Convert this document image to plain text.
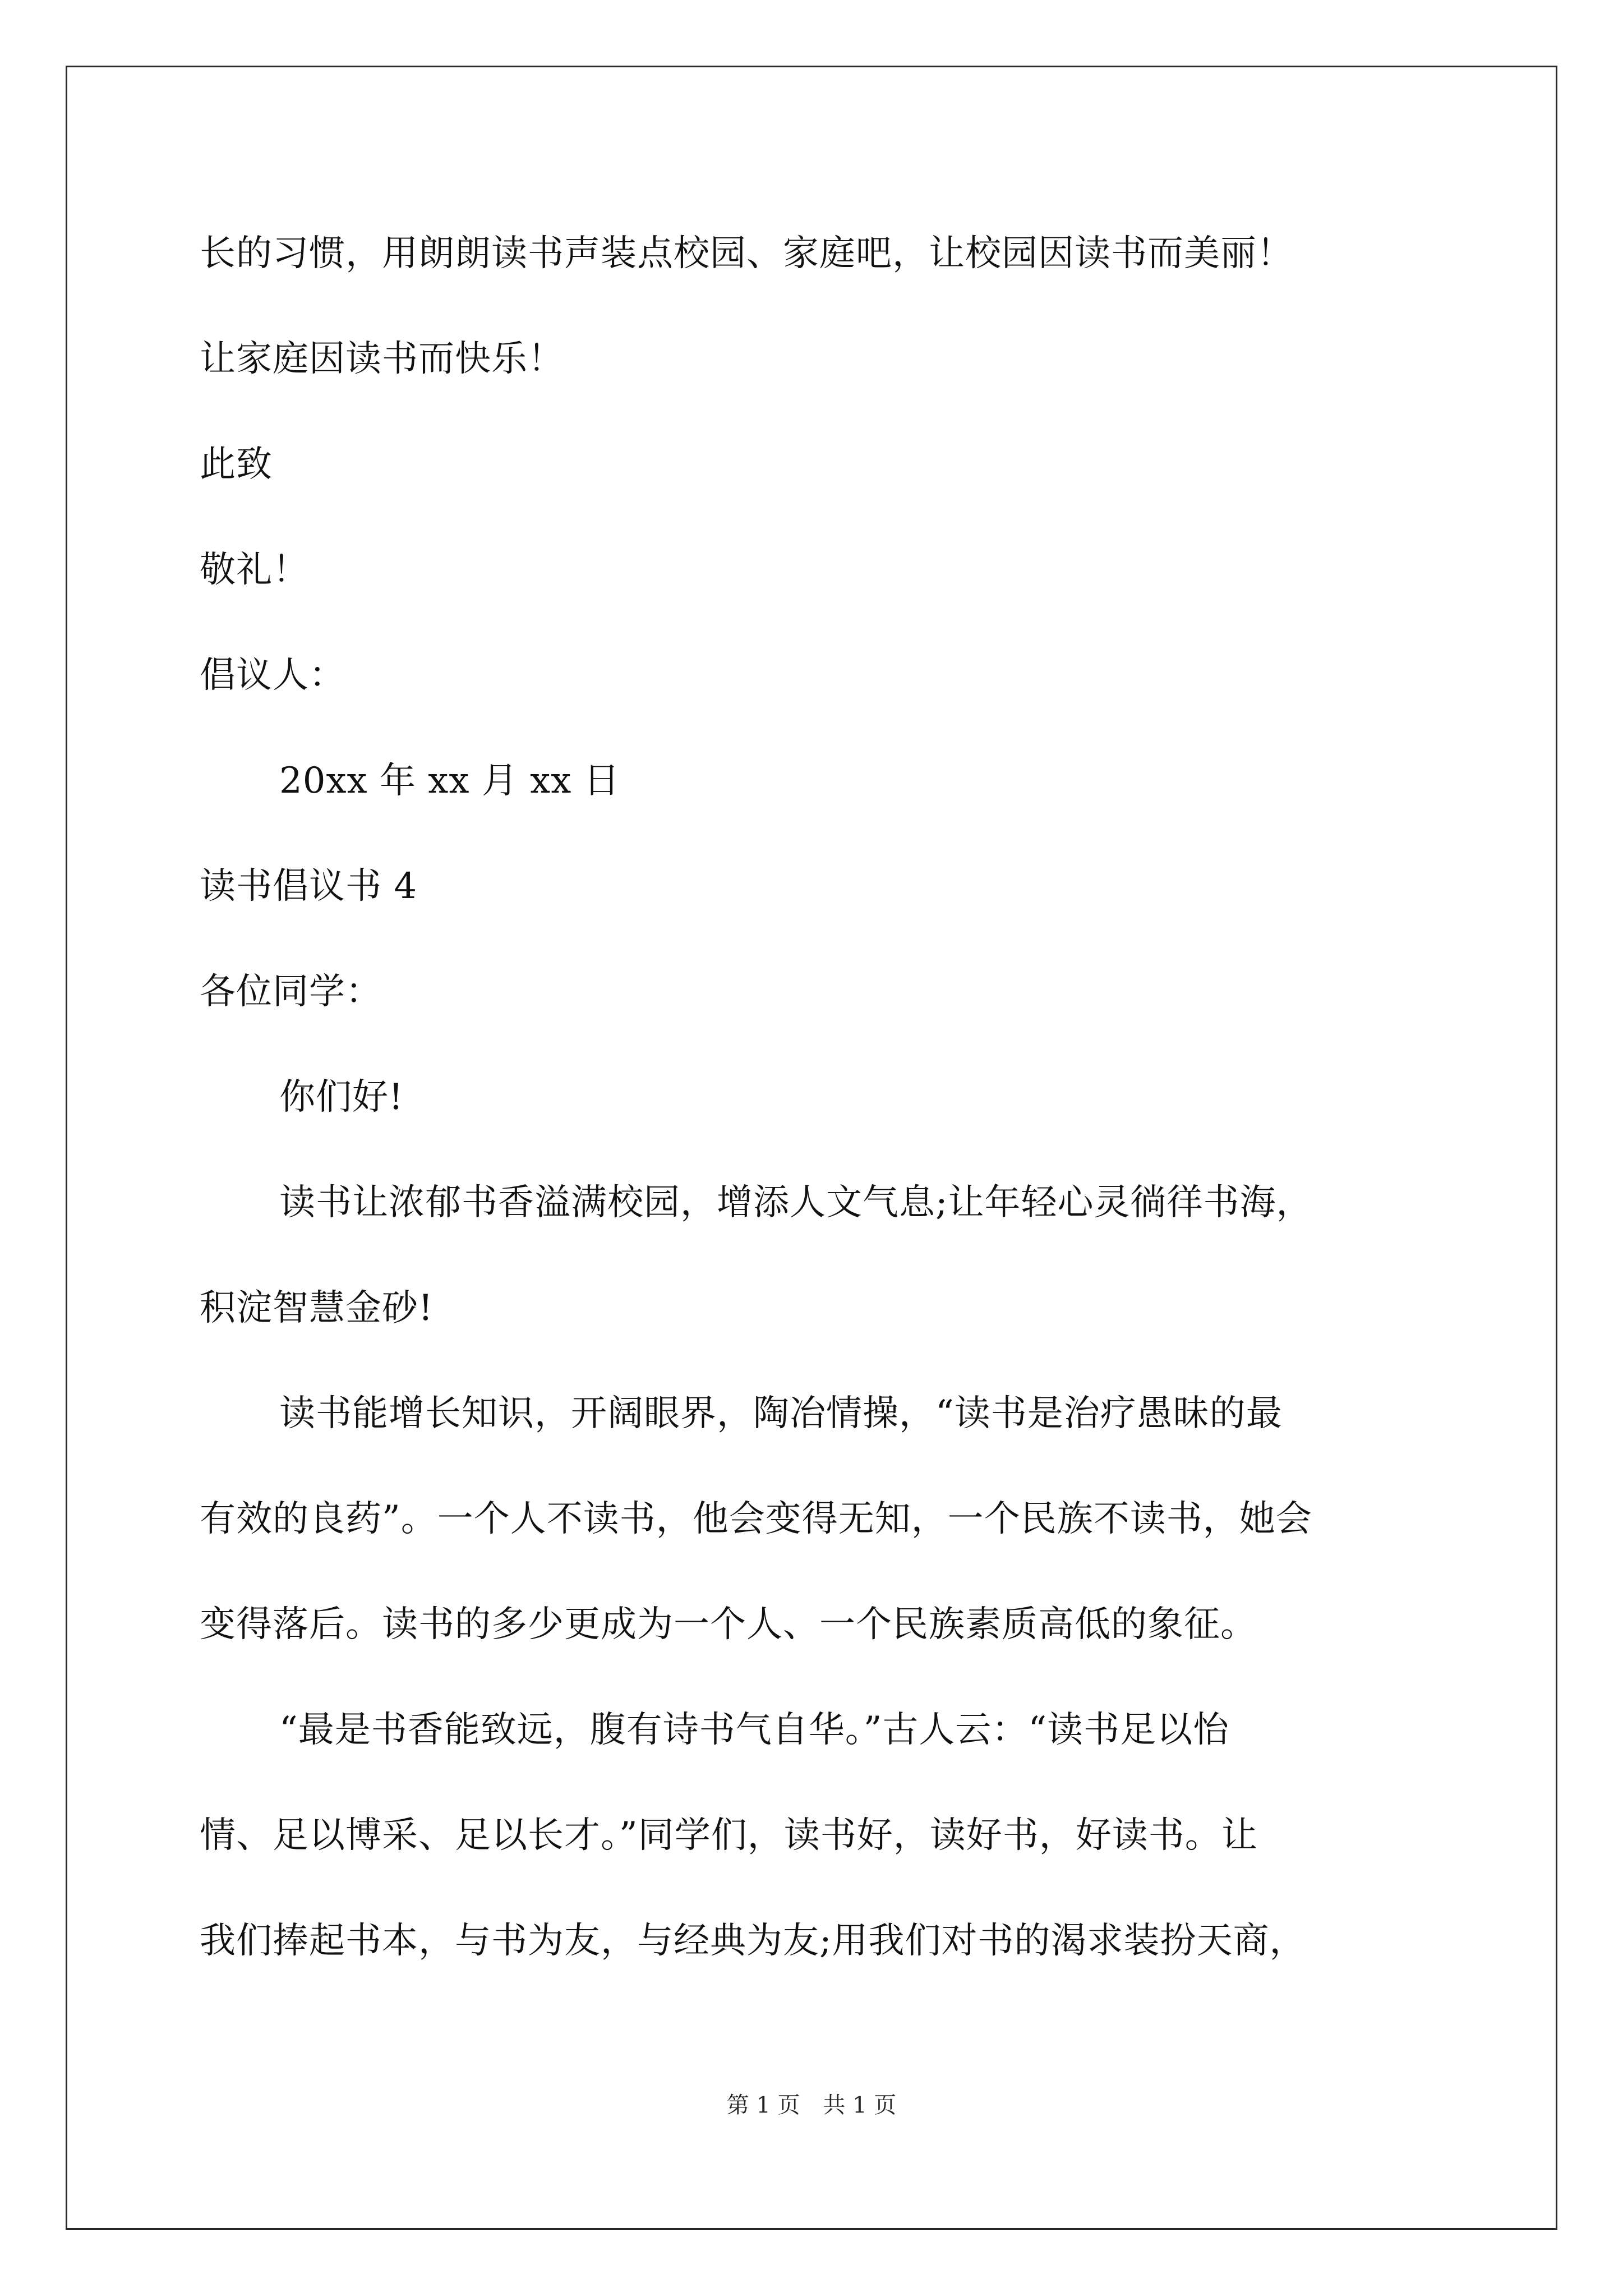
长的习惯，用朗朗读书声装点校园、家庭吧，让校园因读书而美丽！
让家庭因读书而快乐！
此致
敬礼！
倡议人：
20xx 年 xx 月 xx 日
读书倡议书 4
各位同学：
你们好!
读书让浓郁书香溢满校园，增添人文气息;让年轻心灵徜徉书海，
积淀智慧金砂!
读书能增长知识，开阔眼界，陶冶情操，“读书是治疗愚昧的最
有效的良药”。一个人不读书，他会变得无知，一个民族不读书，她会
变得落后。读书的多少更成为一个人、一个民族素质高低的象征。
“最是书香能致远，腹有诗书气自华。”古人云：“读书足以怡
情、足以博采、足以长才。”同学们，读书好，读好书，好读书。让
我们捧起书本，与书为友，与经典为友;用我们对书的渴求装扮天商，
第 1 页 共 1 页
